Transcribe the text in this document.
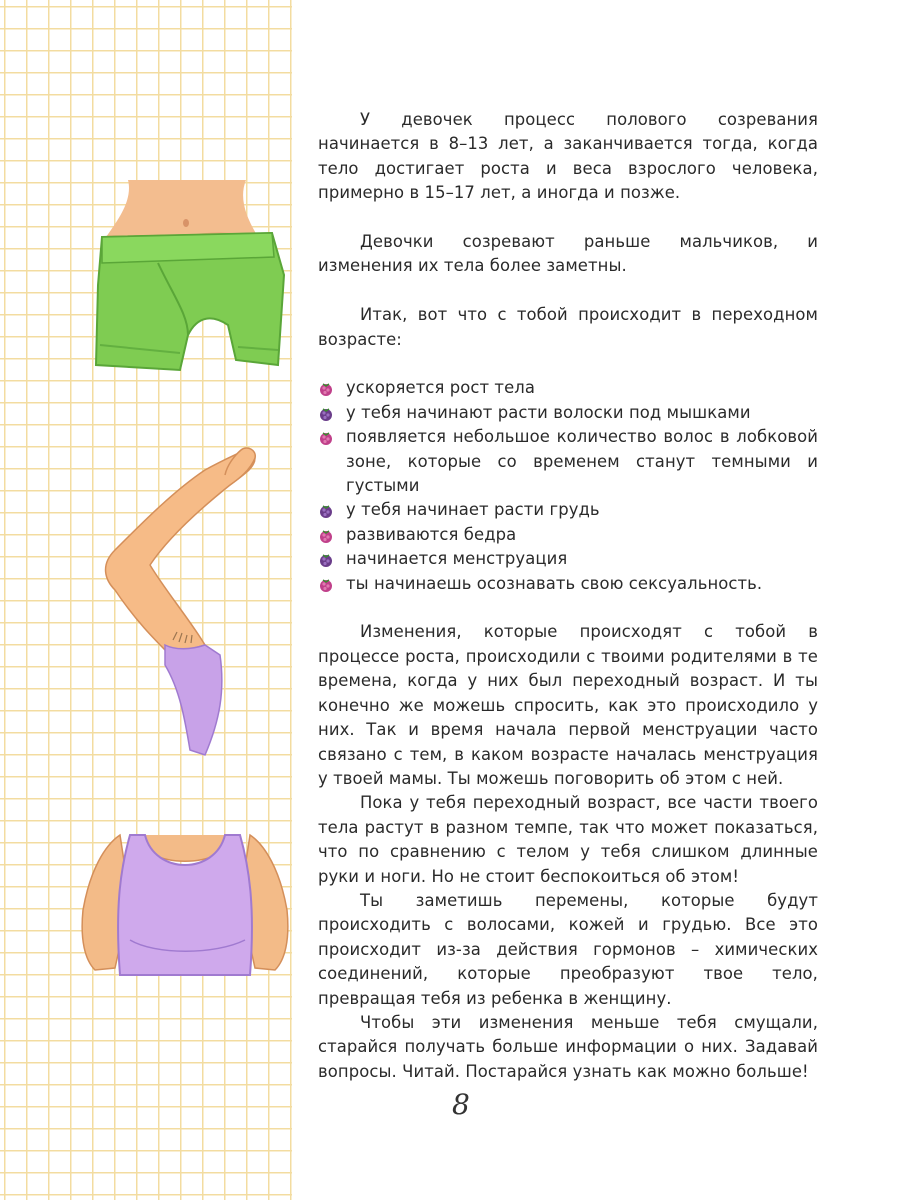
У девочек процесс полового созревания начинается в 8–13 лет, а заканчивается тогда, когда тело достигает роста и веса взрослого человека, примерно в 15–17 лет, а иногда и позже.

Девочки созревают раньше мальчиков, и изменения их тела более заметны.

Итак, вот что с тобой происходит в переходном возрасте:

ускоряется рост тела
у тебя начинают расти волоски под мышками
появляется небольшое количество волос в лобковой зоне, которые со временем станут темными и густыми
у тебя начинает расти грудь
развиваются бедра
начинается менструация
ты начинаешь осознавать свою сексуальность.

Изменения, которые происходят с тобой в процессе роста, происходили с твоими родителями в те времена, когда у них был переходный возраст. И ты конечно же можешь спросить, как это происходило у них. Так и время начала первой менструации часто связано с тем, в каком возрасте началась менструация у твоей мамы. Ты можешь поговорить об этом с ней.

Пока у тебя переходный возраст, все части твоего тела растут в разном темпе, так что может показаться, что по сравнению с телом у тебя слишком длинные руки и ноги. Но не стоит беспокоиться об этом!

Ты заметишь перемены, которые будут происходить с волосами, кожей и грудью. Все это происходит из-за действия гормонов – химических соединений, которые преобразуют твое тело, превращая тебя из ребенка в женщину.

Чтобы эти изменения меньше тебя смущали, старайся получать больше информации о них. Задавай вопросы. Читай. Постарайся узнать как можно больше!

8
